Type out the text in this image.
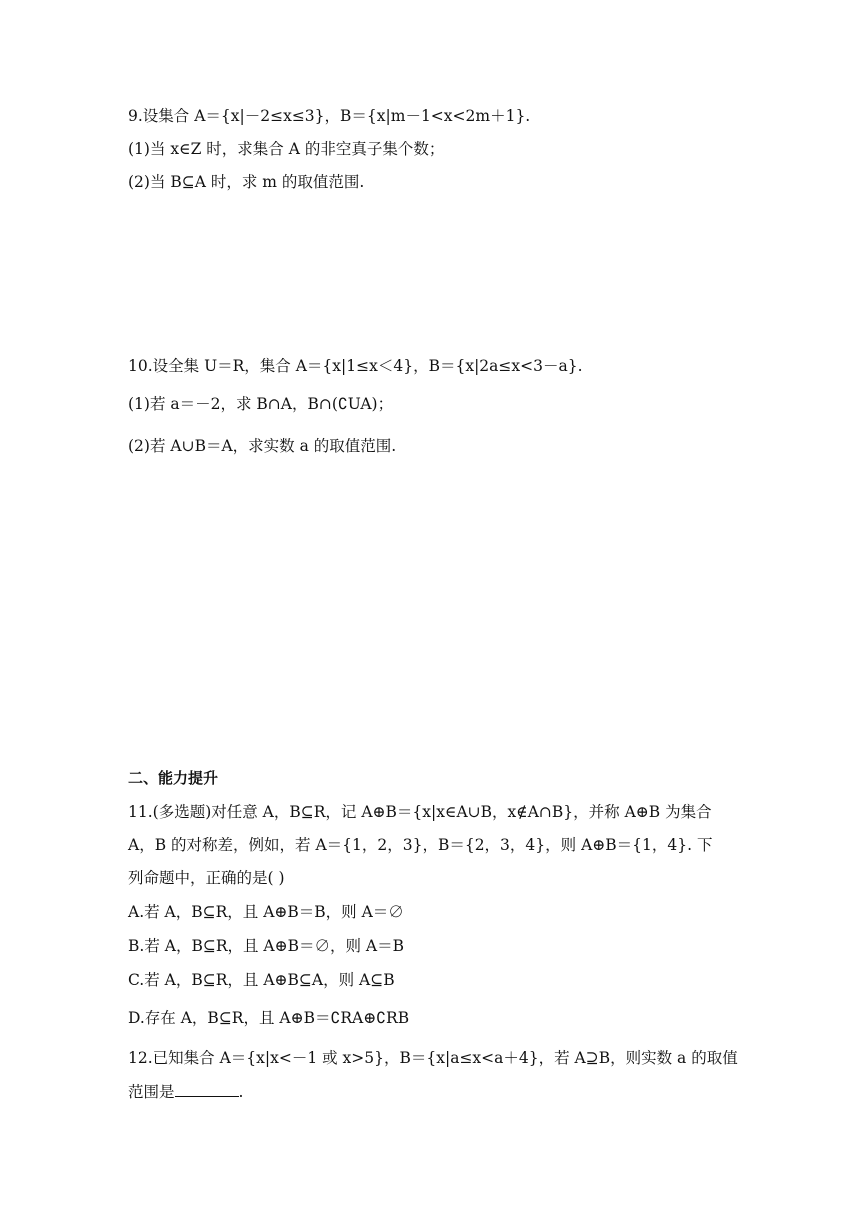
9.设集合 A＝{x|－2≤x≤3}，B＝{x|m－1<x<2m＋1}.
(1)当 x∈Z 时，求集合 A 的非空真子集个数；
(2)当 B⊆A 时，求 m 的取值范围.
10.设全集 U＝R，集合 A＝{x|1≤x＜4}，B＝{x|2a≤x<3－a}.
(1)若 a＝－2，求 B∩A，B∩(∁UA)；
(2)若 A∪B＝A，求实数 a 的取值范围.
二、能力提升
11.(多选题)对任意 A，B⊆R，记 A⊕B＝{x|x∈A∪B，x∉A∩B}，并称 A⊕B 为集合
A，B 的对称差，例如，若 A＝{1，2，3}，B＝{2，3，4}，则 A⊕B＝{1，4}. 下
列命题中，正确的是( )
A.若 A，B⊆R，且 A⊕B＝B，则 A＝∅
B.若 A，B⊆R，且 A⊕B＝∅，则 A＝B
C.若 A，B⊆R，且 A⊕B⊆A，则 A⊆B
D.存在 A，B⊆R，且 A⊕B＝∁RA⊕∁RB
12.已知集合 A＝{x|x<－1 或 x>5}，B＝{x|a≤x<a＋4}，若 A⊇B，则实数 a 的取值
范围是	.
